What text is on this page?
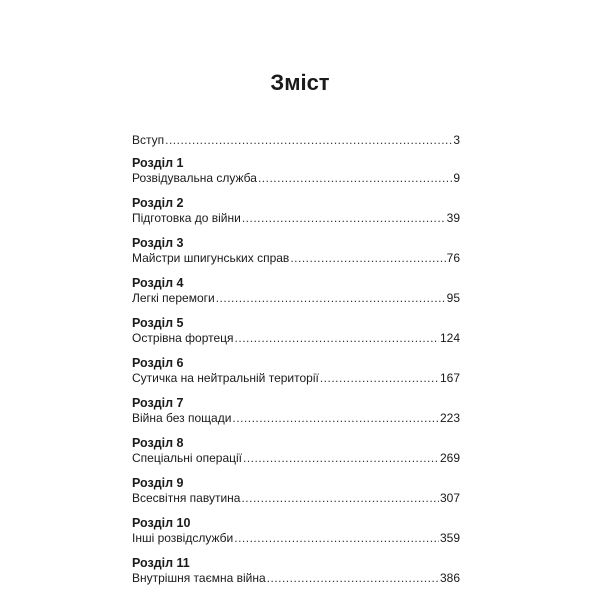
Зміст
Вступ .....	3
Розділ 1
Розвідувальна служба .....	9
Розділ 2
Підготовка до війни .....	39
Розділ 3
Майстри шпигунських справ .....	76
Розділ 4
Легкі перемоги .....	95
Розділ 5
Острівна фортеця .....	124
Розділ 6
Сутичка на нейтральній території .....	167
Розділ 7
Війна без пощади .....	223
Розділ 8
Спеціальні операції .....	269
Розділ 9
Всесвітня павутина .....	307
Розділ 10
Інші розвідслужби .....	359
Розділ 11
Внутрішня таємна війна .....	386
